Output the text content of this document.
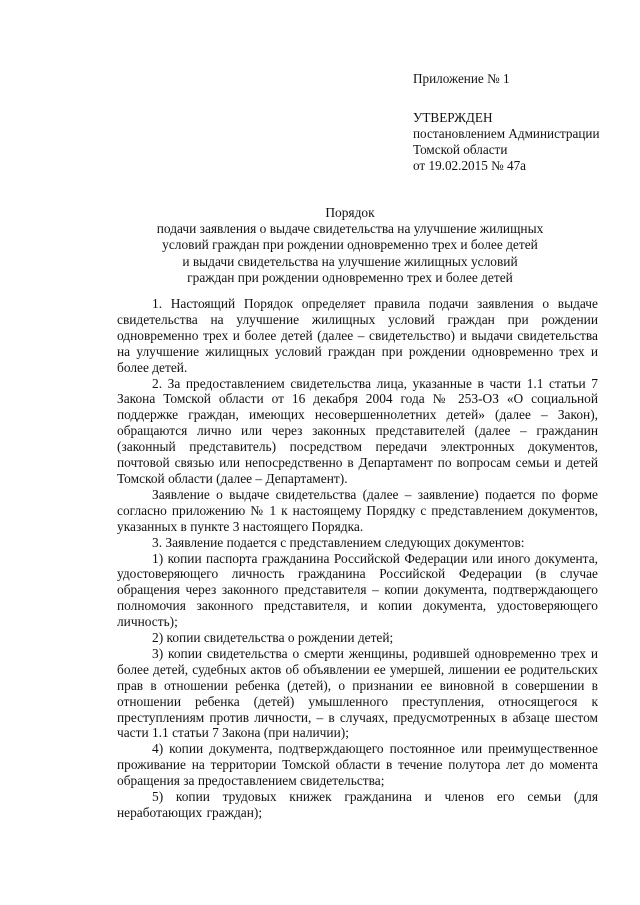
Приложение № 1
УТВЕРЖДЕН
постановлением Администрации
Томской области
от 19.02.2015 № 47а
Порядок
подачи заявления о выдаче свидетельства на улучшение жилищных
условий граждан при рождении одновременно трех и более детей
и выдачи свидетельства на улучшение жилищных условий
граждан при рождении одновременно трех и более детей

1. Настоящий Порядок определяет правила подачи заявления о выдаче свидетельства на улучшение жилищных условий граждан при рождении одновременно трех и более детей (далее – свидетельство) и выдачи свидетельства на улучшение жилищных условий граждан при рождении одновременно трех и более детей.

2. За предоставлением свидетельства лица, указанные в части 1.1 статьи 7 Закона Томской области от 16 декабря 2004 года № 253-ОЗ «О социальной поддержке граждан, имеющих несовершеннолетних детей» (далее – Закон), обращаются лично или через законных представителей (далее – гражданин (законный представитель) посредством передачи электронных документов, почтовой связью или непосредственно в Департамент по вопросам семьи и детей Томской области (далее – Департамент).

Заявление о выдаче свидетельства (далее – заявление) подается по форме согласно приложению № 1 к настоящему Порядку с представлением документов, указанных в пункте 3 настоящего Порядка.

3. Заявление подается с представлением следующих документов:

1) копии паспорта гражданина Российской Федерации или иного документа, удостоверяющего личность гражданина Российской Федерации (в случае обращения через законного представителя – копии документа, подтверждающего полномочия законного представителя, и копии документа, удостоверяющего личность);

2) копии свидетельства о рождении детей;

3) копии свидетельства о смерти женщины, родившей одновременно трех и более детей, судебных актов об объявлении ее умершей, лишении ее родительских прав в отношении ребенка (детей), о признании ее виновной в совершении в отношении ребенка (детей) умышленного преступления, относящегося к преступлениям против личности, – в случаях, предусмотренных в абзаце шестом части 1.1 статьи 7 Закона (при наличии);

4) копии документа, подтверждающего постоянное или преимущественное проживание на территории Томской области в течение полутора лет до момента обращения за предоставлением свидетельства;

5) копии трудовых книжек гражданина и членов его семьи (для неработающих граждан);
